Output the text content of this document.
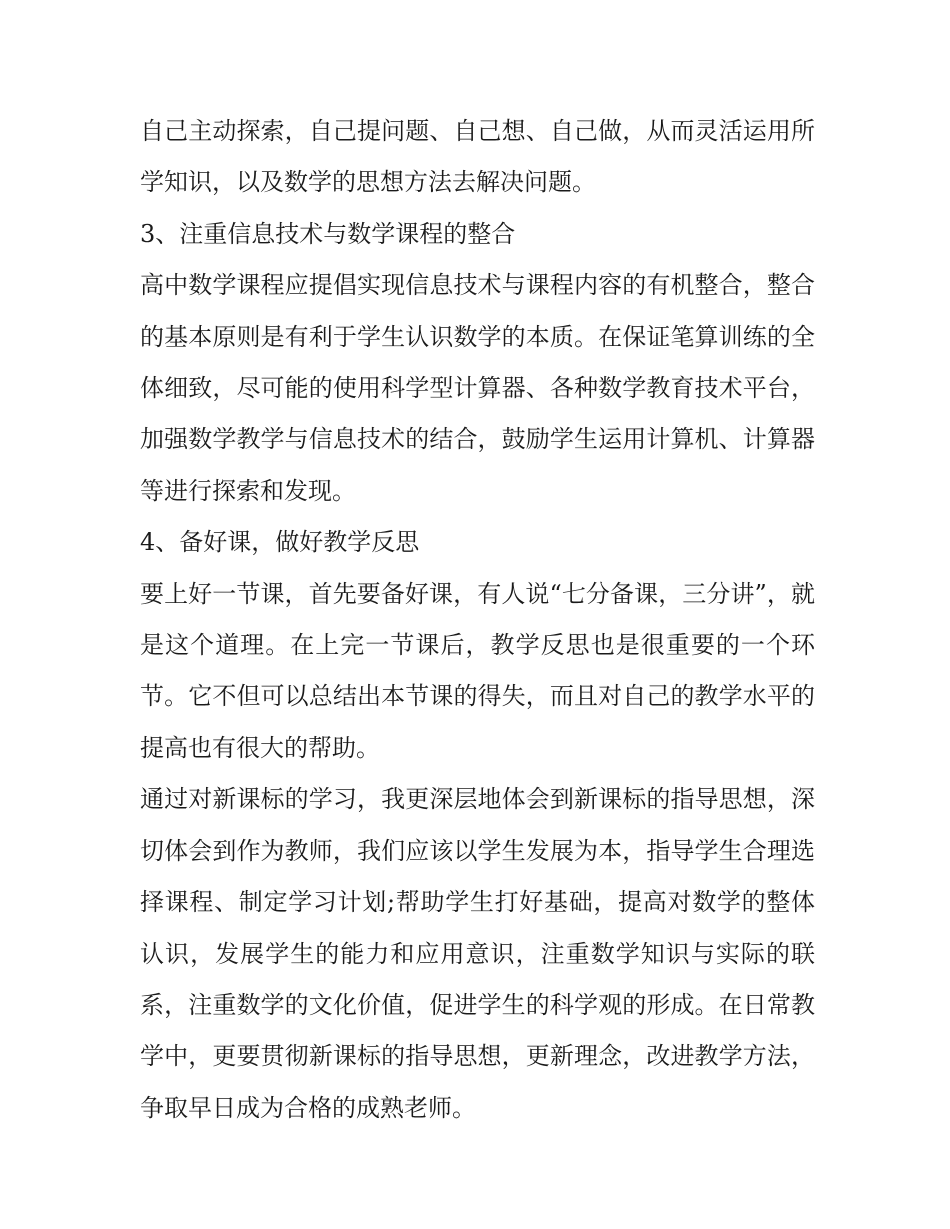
自己主动探索，自己提问题、自己想、自己做，从而灵活运用所学知识，以及数学的思想方法去解决问题。

3、注重信息技术与数学课程的整合

高中数学课程应提倡实现信息技术与课程内容的有机整合，整合的基本原则是有利于学生认识数学的本质。在保证笔算训练的全体细致，尽可能的使用科学型计算器、各种数学教育技术平台，加强数学教学与信息技术的结合，鼓励学生运用计算机、计算器等进行探索和发现。

4、备好课，做好教学反思

要上好一节课，首先要备好课，有人说“七分备课，三分讲”，就是这个道理。在上完一节课后，教学反思也是很重要的一个环节。它不但可以总结出本节课的得失，而且对自己的教学水平的提高也有很大的帮助。

通过对新课标的学习，我更深层地体会到新课标的指导思想，深切体会到作为教师，我们应该以学生发展为本，指导学生合理选择课程、制定学习计划;帮助学生打好基础，提高对数学的整体认识，发展学生的能力和应用意识，注重数学知识与实际的联系，注重数学的文化价值，促进学生的科学观的形成。在日常教学中，更要贯彻新课标的指导思想，更新理念，改进教学方法，争取早日成为合格的成熟老师。
